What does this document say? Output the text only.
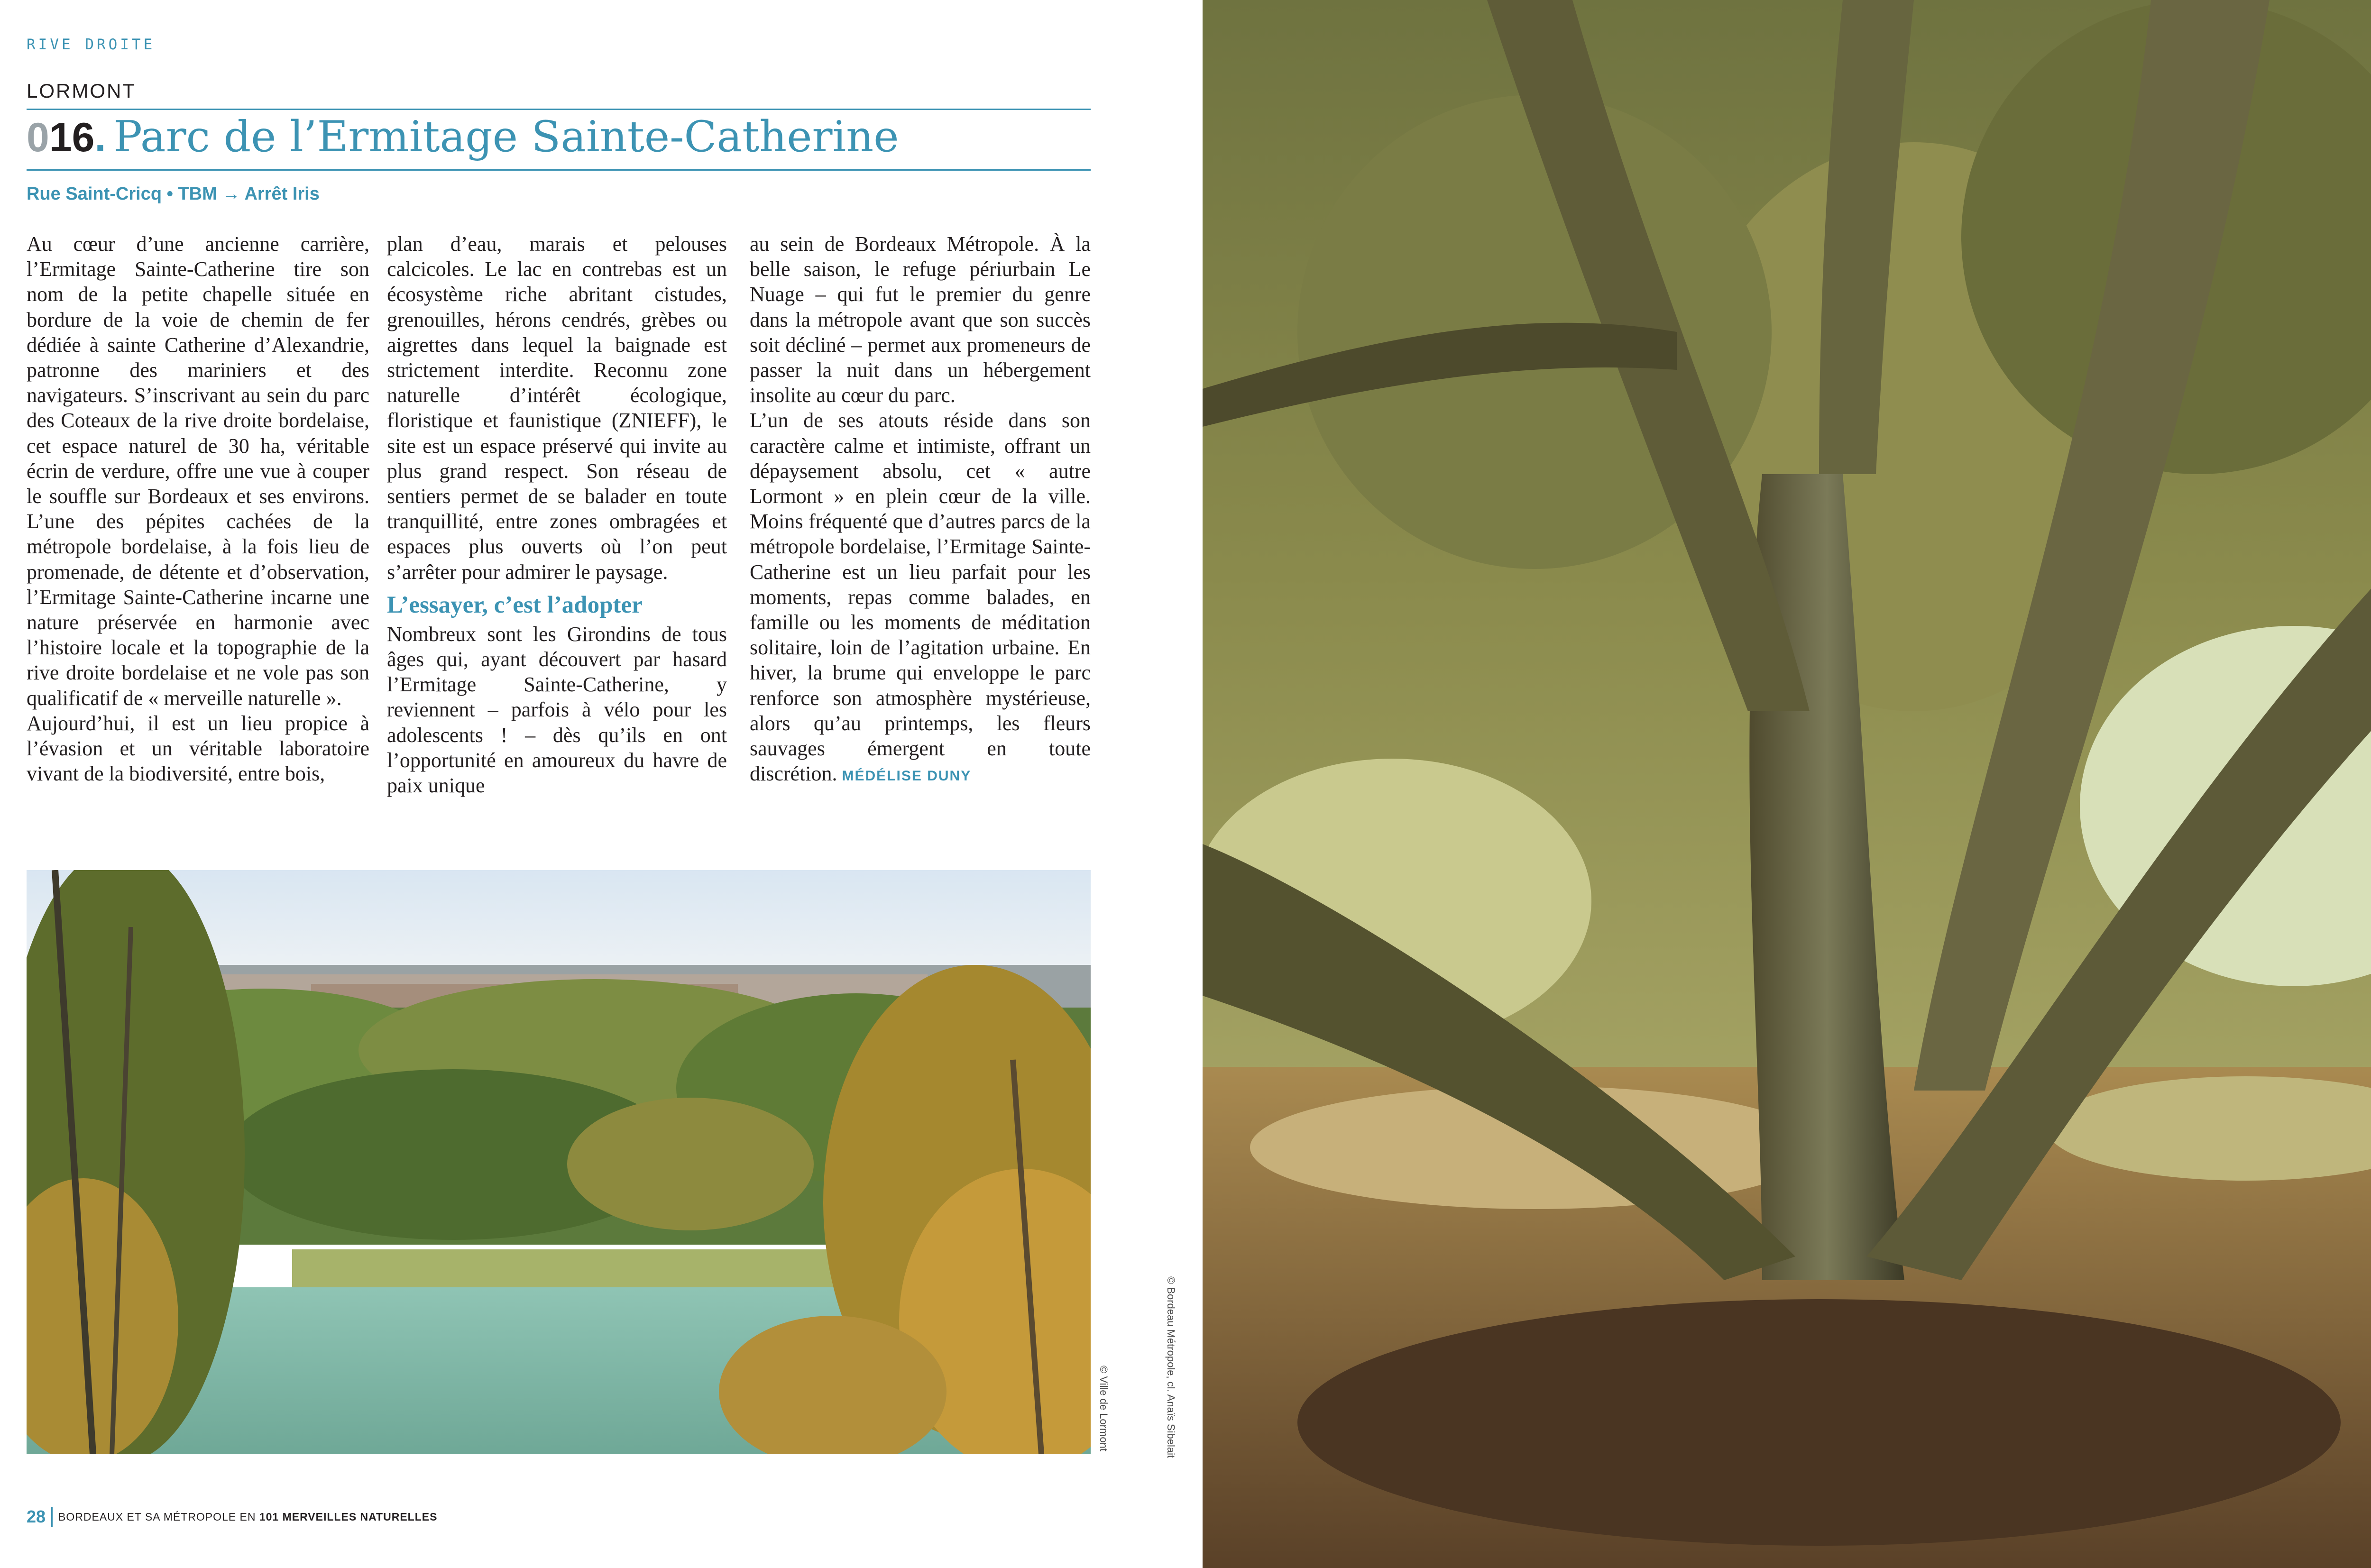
RIVE DROITE
LORMONT
0 16 . Parc de l’Ermitage Sainte-Catherine
Rue Saint-Cricq • TBM → Arrêt Iris

Au cœur d’une ancienne carrière, l’Ermitage Sainte-Catherine tire son nom de la petite chapelle située en bordure de la voie de chemin de fer dédiée à sainte Catherine d’Alexandrie, patronne des mariniers et des navigateurs. S’inscrivant au sein du parc des Coteaux de la rive droite bordelaise, cet espace naturel de 30 ha, véritable écrin de verdure, offre une vue à couper le souffle sur Bordeaux et ses environs. L’une des pépites cachées de la métropole bordelaise, à la fois lieu de promenade, de détente et d’observation, l’Ermitage Sainte-Catherine incarne une nature préservée en harmonie avec l’histoire locale et la topographie de la rive droite bordelaise et ne vole pas son qualificatif de « merveille naturelle ».

Aujourd’hui, il est un lieu propice à l’évasion et un véritable laboratoire vivant de la biodiversité, entre bois,

plan d’eau, marais et pelouses calcicoles. Le lac en contrebas est un écosystème riche abritant cistudes, grenouilles, hérons cendrés, grèbes ou aigrettes dans lequel la baignade est strictement interdite. Reconnu zone naturelle d’intérêt écologique, floristique et faunistique (ZNIEFF), le site est un espace préservé qui invite au plus grand respect. Son réseau de sentiers permet de se balader en toute tranquillité, entre zones ombragées et espaces plus ouverts où l’on peut s’arrêter pour admirer le paysage.

L’essayer, c’est l’adopter

Nombreux sont les Girondins de tous âges qui, ayant découvert par hasard l’Ermitage Sainte-Catherine, y reviennent – parfois à vélo pour les adolescents ! – dès qu’ils en ont l’opportunité en amoureux du havre de paix unique

au sein de Bordeaux Métropole. À la belle saison, le refuge périurbain Le Nuage – qui fut le premier du genre dans la métropole avant que son succès soit décliné – permet aux promeneurs de passer la nuit dans un hébergement insolite au cœur du parc.

L’un de ses atouts réside dans son caractère calme et intimiste, offrant un dépaysement absolu, cet « autre Lormont » en plein cœur de la ville. Moins fréquenté que d’autres parcs de la métropole bordelaise, l’Ermitage Sainte-Catherine est un lieu parfait pour les moments, repas comme balades, en famille ou les moments de méditation solitaire, loin de l’agitation urbaine. En hiver, la brume qui enveloppe le parc renforce son atmosphère mystérieuse, alors qu’au printemps, les fleurs sauvages émergent en toute discrétion. MÉDÉLISE DUNY

© Ville de Lormont	© Bordeau Métropole, cl. Anaïs Sibelait
28	BORDEAUX ET SA MÉTROPOLE EN 101 MERVEILLES NATURELLES
